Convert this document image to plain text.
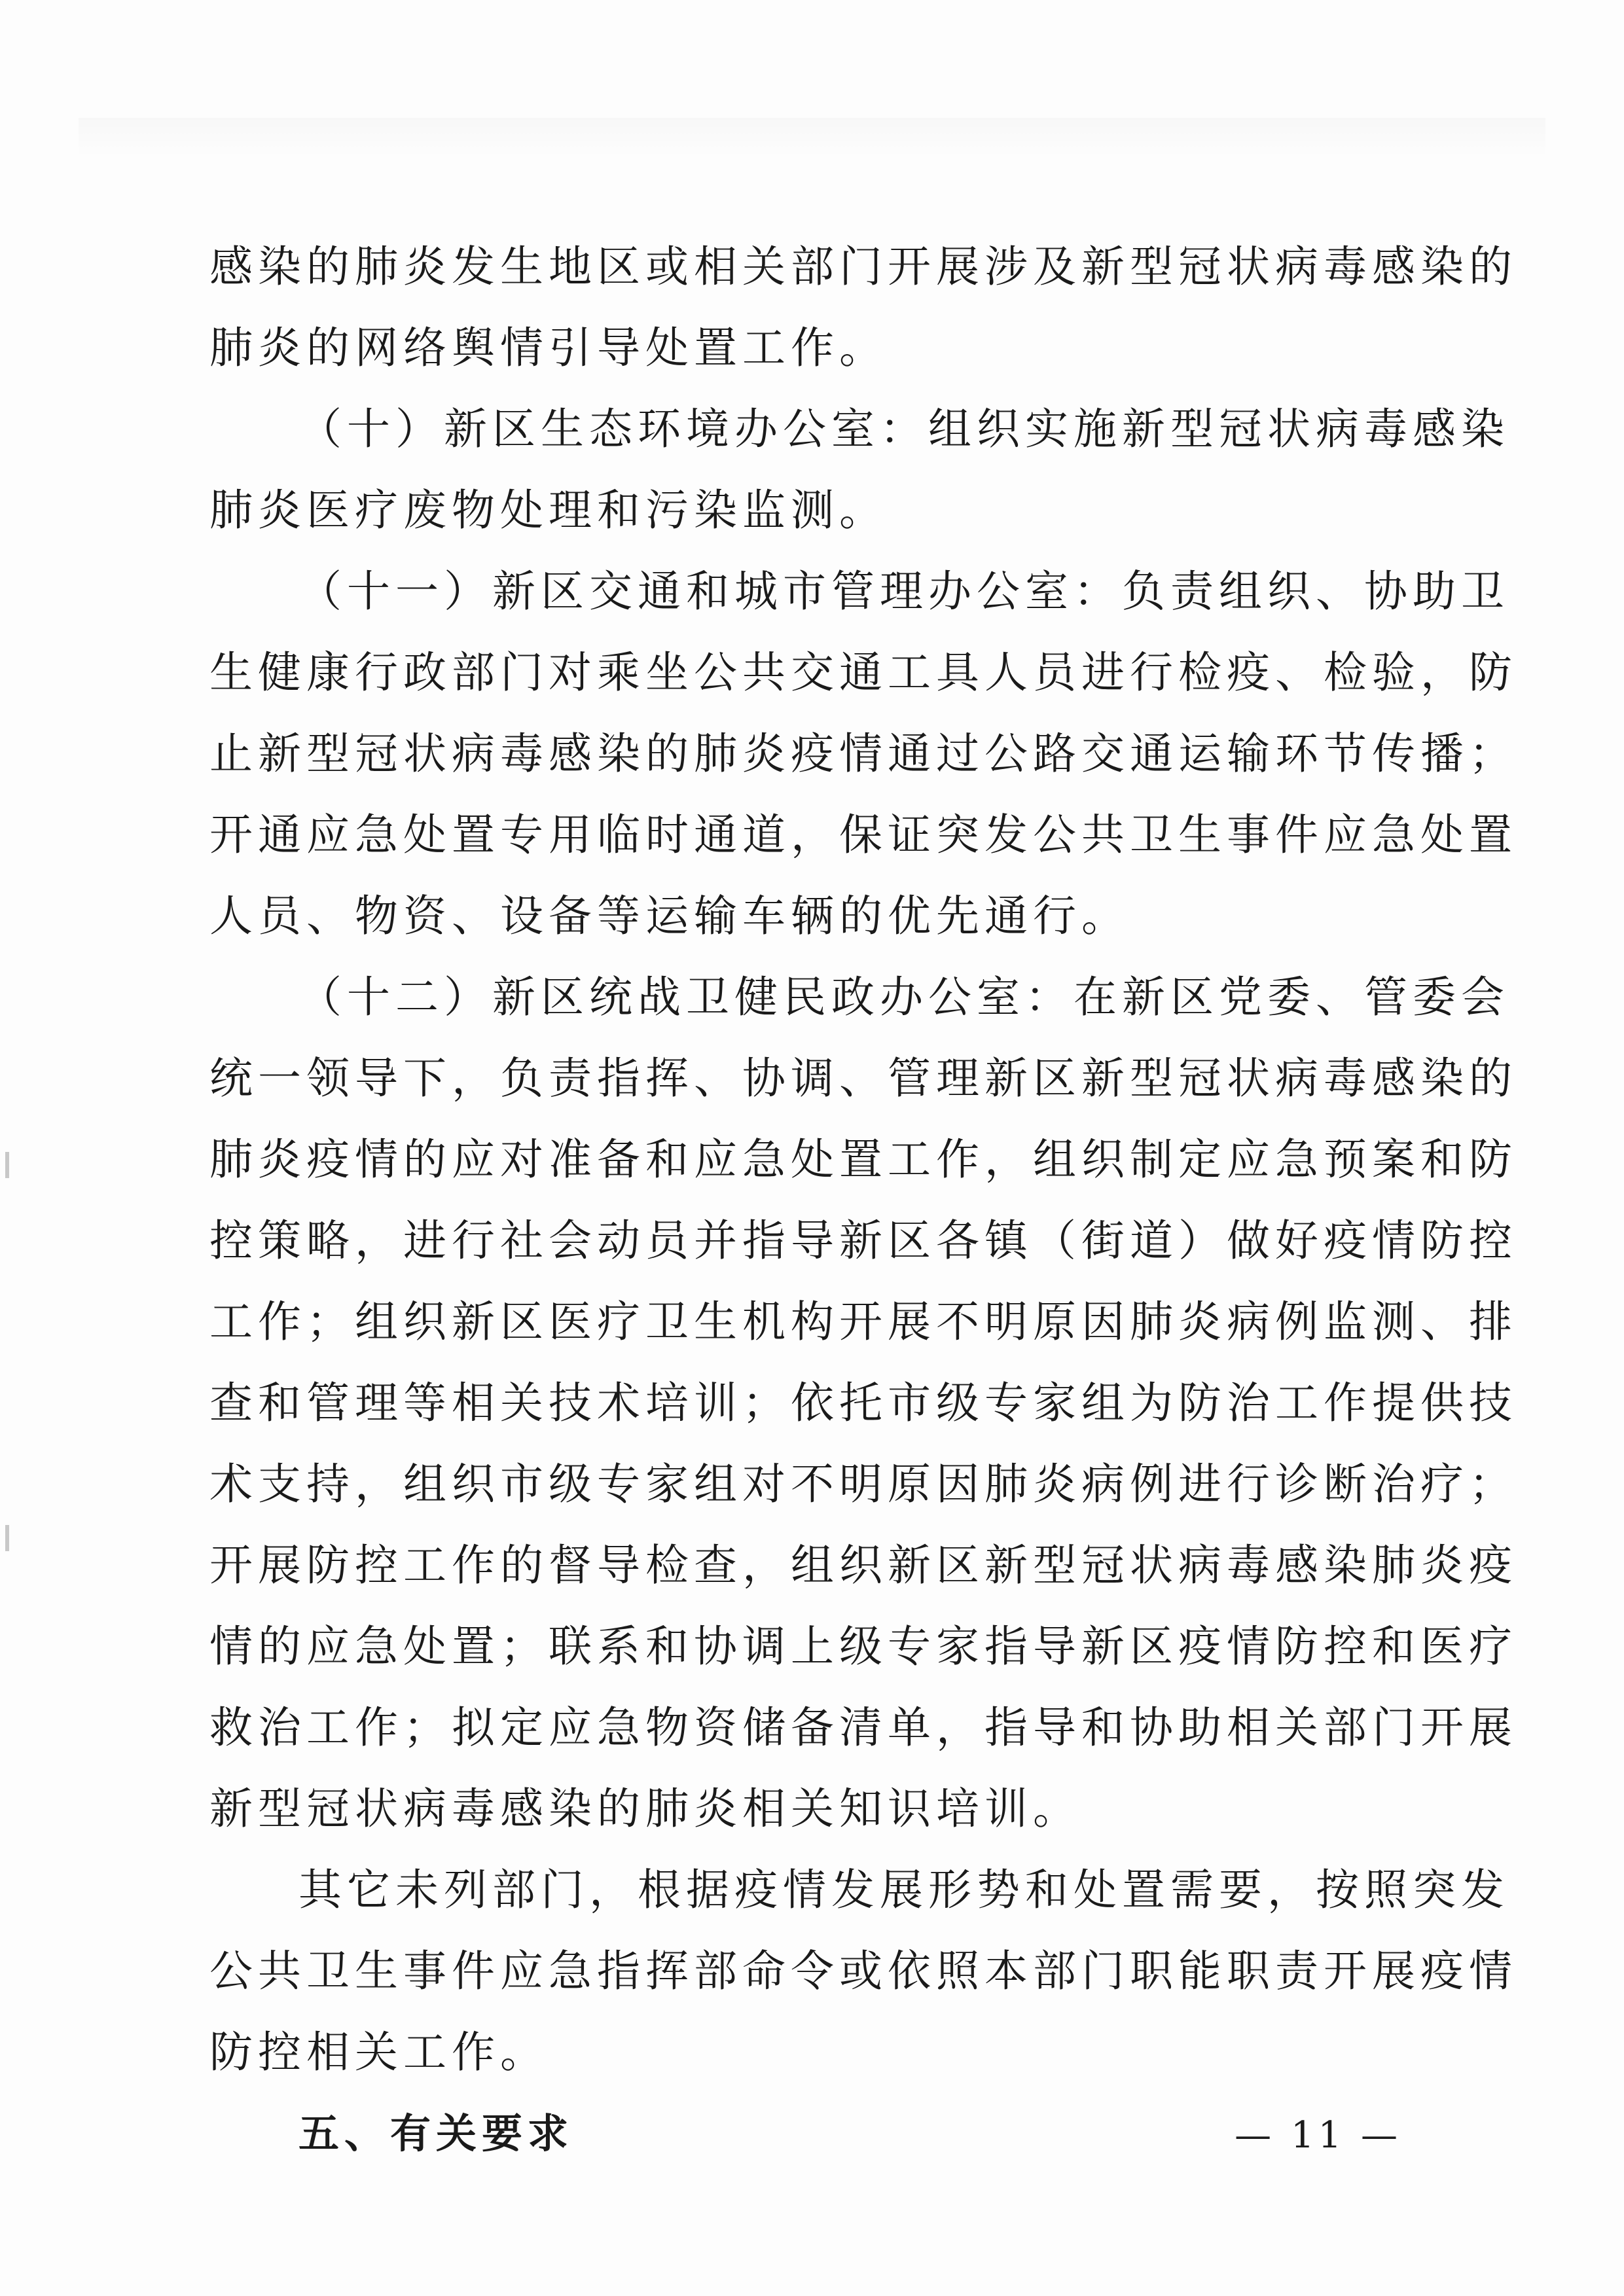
感染的肺炎发生地区或相关部门开展涉及新型冠状病毒感染的
肺炎的网络舆情引导处置工作。
（十）新区生态环境办公室：组织实施新型冠状病毒感染
肺炎医疗废物处理和污染监测。
（十一）新区交通和城市管理办公室：负责组织、协助卫
生健康行政部门对乘坐公共交通工具人员进行检疫、检验，防
止新型冠状病毒感染的肺炎疫情通过公路交通运输环节传播；
开通应急处置专用临时通道，保证突发公共卫生事件应急处置
人员、物资、设备等运输车辆的优先通行。
（十二）新区统战卫健民政办公室：在新区党委、管委会
统一领导下，负责指挥、协调、管理新区新型冠状病毒感染的
肺炎疫情的应对准备和应急处置工作，组织制定应急预案和防
控策略，进行社会动员并指导新区各镇（街道）做好疫情防控
工作；组织新区医疗卫生机构开展不明原因肺炎病例监测、排
查和管理等相关技术培训；依托市级专家组为防治工作提供技
术支持，组织市级专家组对不明原因肺炎病例进行诊断治疗；
开展防控工作的督导检查，组织新区新型冠状病毒感染肺炎疫
情的应急处置；联系和协调上级专家指导新区疫情防控和医疗
救治工作；拟定应急物资储备清单，指导和协助相关部门开展
新型冠状病毒感染的肺炎相关知识培训。
其它未列部门，根据疫情发展形势和处置需要，按照突发
公共卫生事件应急指挥部命令或依照本部门职能职责开展疫情
防控相关工作。
五、有关要求	— 11 —
